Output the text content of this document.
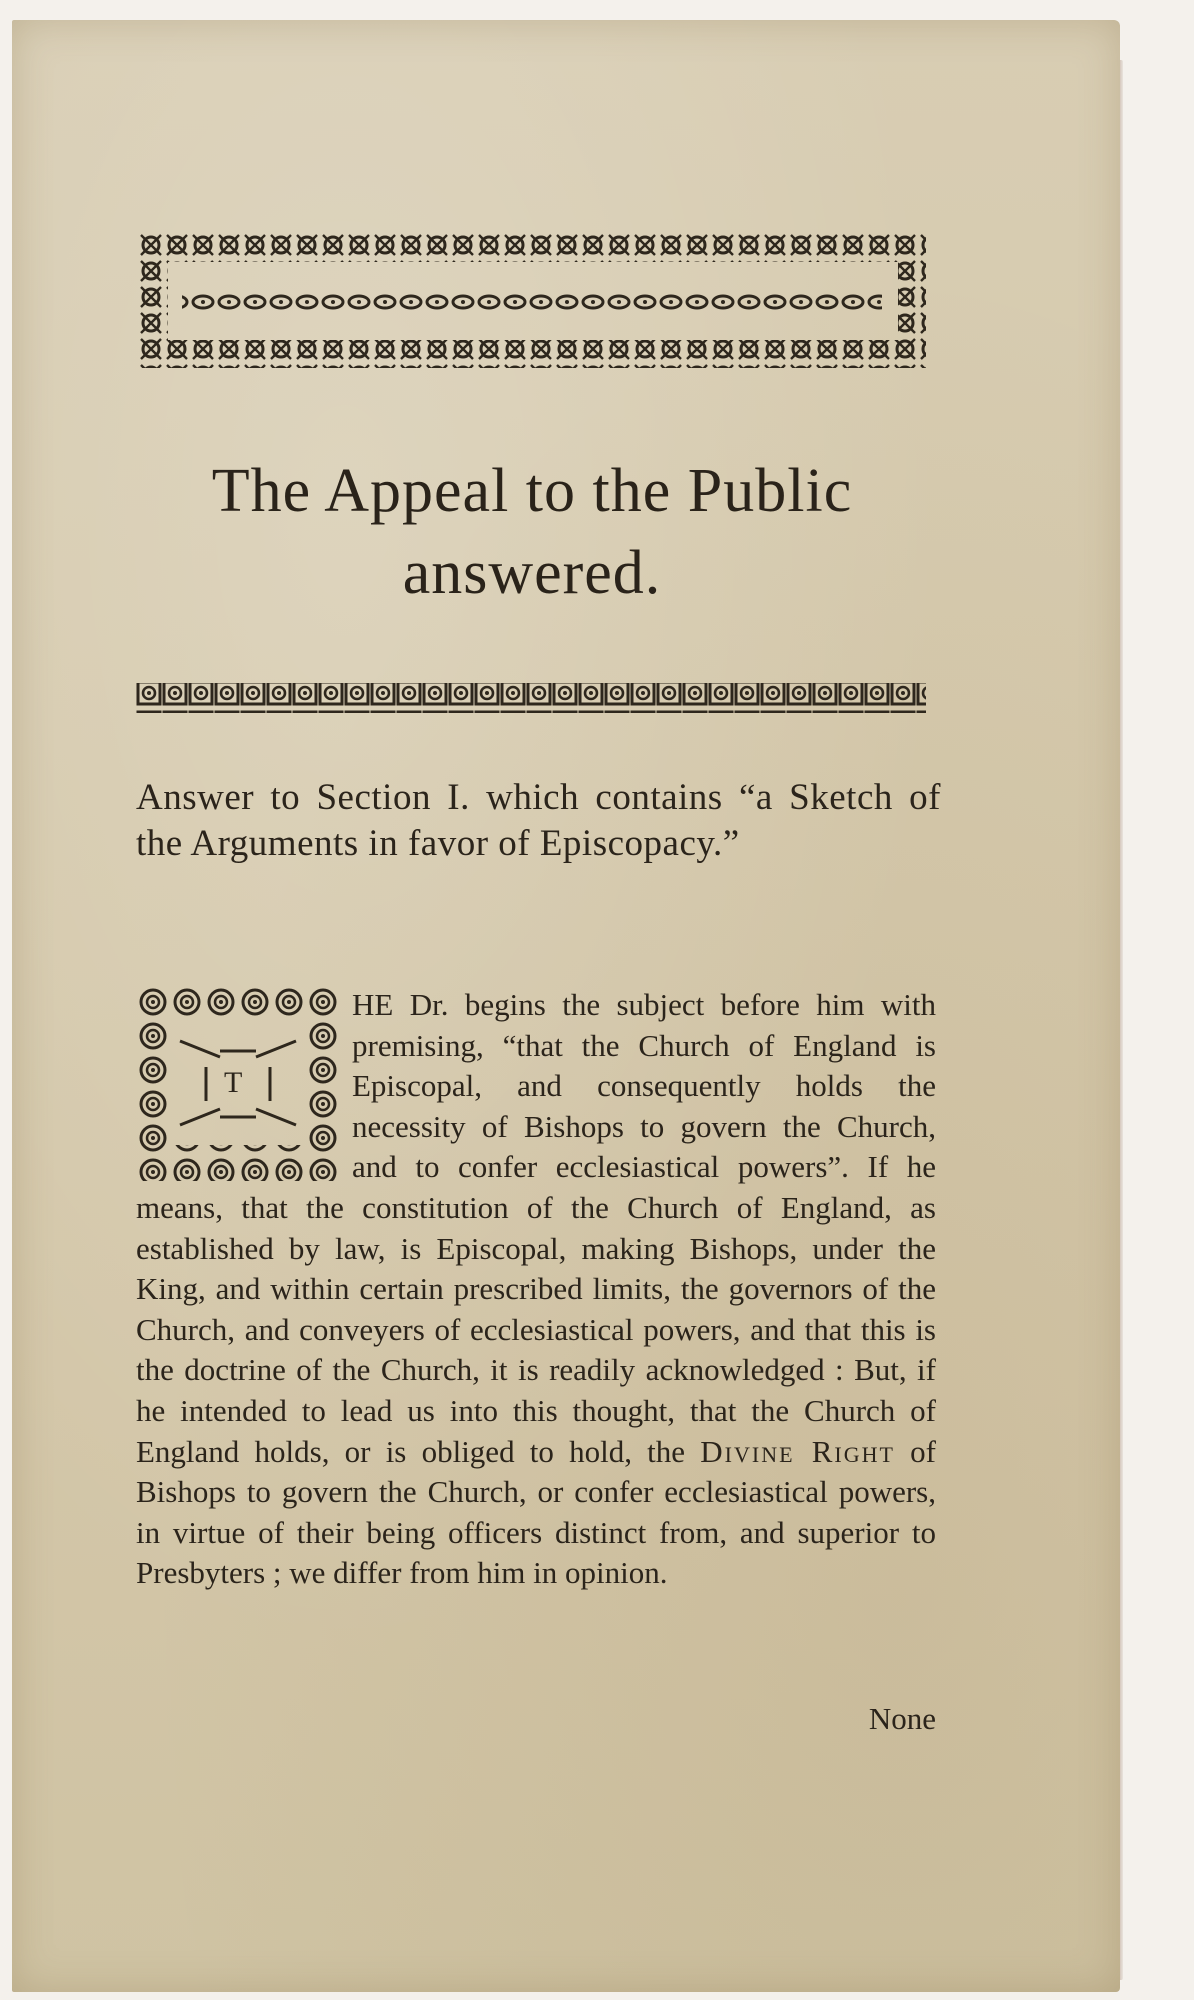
The Appeal to the Public
answered.
Answer to Section I. which contains “a Sketch of the Arguments in favor of Episcopacy.”
T
HE Dr. begins the subject before him with premising, “that the Church of England is Episcopal, and consequently holds the necessity of Bishops to govern the Church, and to confer ecclesiastical powers”. If he means, that the constitution of the Church of England, as established by law, is Episcopal, making Bishops, under the King, and within certain prescribed limits, the governors of the Church, and conveyers of ecclesiastical powers, and that this is the doctrine of the Church, it is readily acknowledged : But, if he intended to lead us into this thought, that the Church of England holds, or is obliged to hold, the Divine Right of Bishops to govern the Church, or confer ecclesiastical powers, in virtue of their being officers distinct from, and superior to Presbyters ; we differ from him in opinion.
None
